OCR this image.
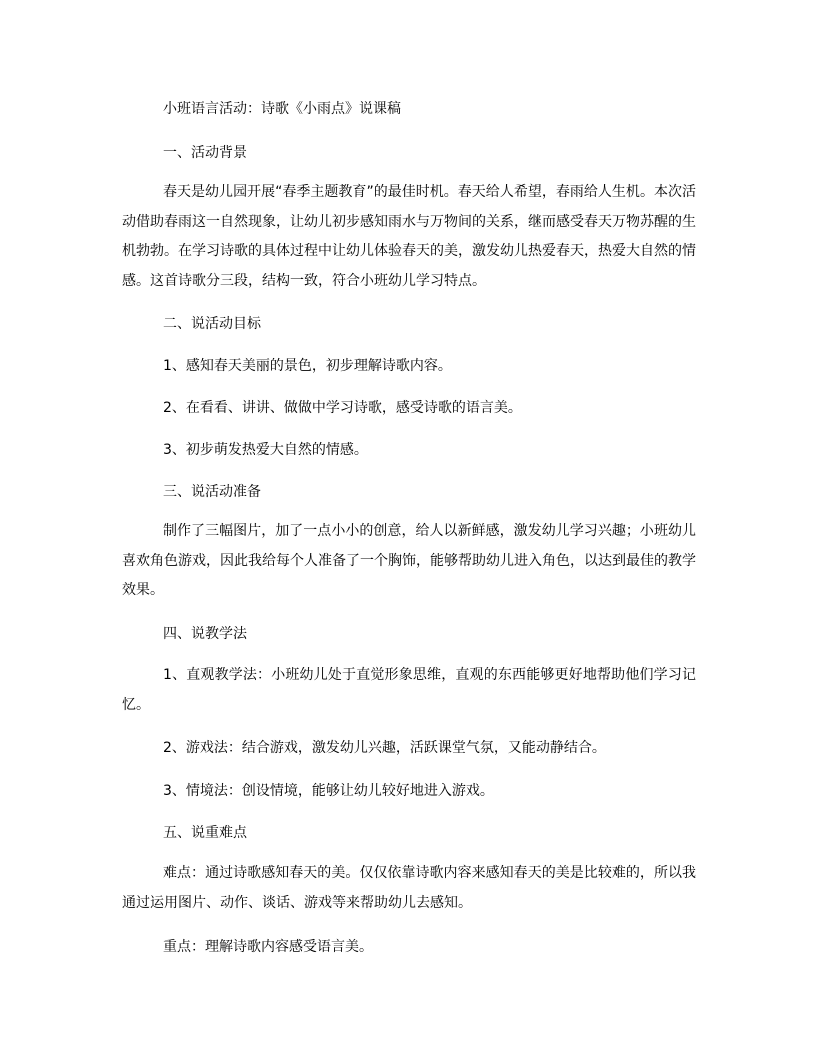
小班语言活动：诗歌《小雨点》说课稿
一、活动背景
春天是幼儿园开展“春季主题教育”的最佳时机。春天给人希望，春雨给人生机。本次活动借助春雨这一自然现象，让幼儿初步感知雨水与万物间的关系，继而感受春天万物苏醒的生机勃勃。在学习诗歌的具体过程中让幼儿体验春天的美，激发幼儿热爱春天，热爱大自然的情感。这首诗歌分三段，结构一致，符合小班幼儿学习特点。
二、说活动目标
1、感知春天美丽的景色，初步理解诗歌内容。
2、在看看、讲讲、做做中学习诗歌，感受诗歌的语言美。
3、初步萌发热爱大自然的情感。
三、说活动准备
制作了三幅图片，加了一点小小的创意，给人以新鲜感，激发幼儿学习兴趣；小班幼儿喜欢角色游戏，因此我给每个人准备了一个胸饰，能够帮助幼儿进入角色，以达到最佳的教学效果。
四、说教学法
1、直观教学法：小班幼儿处于直觉形象思维，直观的东西能够更好地帮助他们学习记忆。
2、游戏法：结合游戏，激发幼儿兴趣，活跃课堂气氛，又能动静结合。
3、情境法：创设情境，能够让幼儿较好地进入游戏。
五、说重难点
难点：通过诗歌感知春天的美。仅仅依靠诗歌内容来感知春天的美是比较难的，所以我通过运用图片、动作、谈话、游戏等来帮助幼儿去感知。
重点：理解诗歌内容感受语言美。
